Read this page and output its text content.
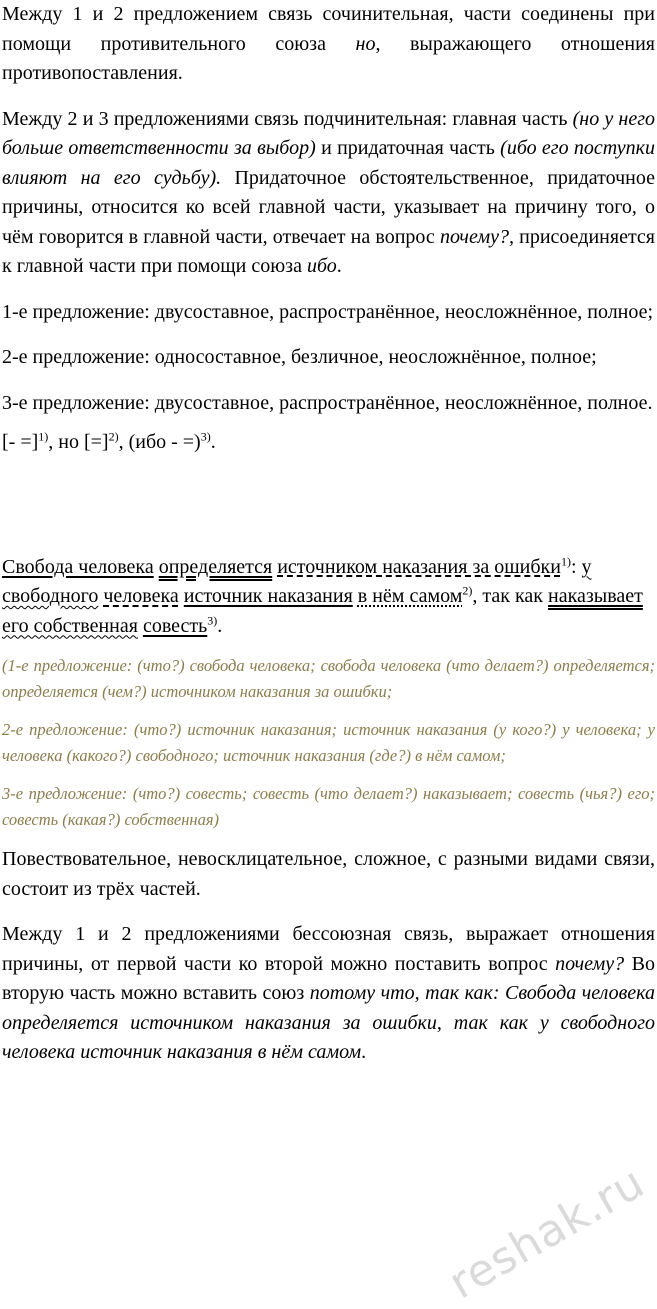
Между 1 и 2 предложением связь сочинительная, части соединены при помощи противительного союза но, выражающего отношения противопоставления.

Между 2 и 3 предложениями связь подчинительная: главная часть (но у него больше ответственности за выбор) и придаточная часть (ибо его поступки влияют на его судьбу). Придаточное обстоятельственное, придаточное причины, относится ко всей главной части, указывает на причину того, о чём говорится в главной части, отвечает на вопрос почему?, присоединяется к главной части при помощи союза ибо.

1-е предложение: двусоставное, распространённое, неосложнённое, полное;

2-е предложение: односоставное, безличное, неосложнённое, полное;

3-е предложение: двусоставное, распространённое, неосложнённое, полное.

[- =]$^{1)}$, но [=]$^{2)}$, (ибо - =)$^{3)}$.

Свобода человека определяется источником наказания за ошибки$^{1)}$: у свободного человека источник наказания в нём самом$^{2)}$, так как наказывает его собственная совесть$^{3)}$.

(1-е предложение: (что?) свобода человека; свобода человека (что делает?) определяется; определяется (чем?) источником наказания за ошибки;

2-е предложение: (что?) источник наказания; источник наказания (у кого?) у человека; у человека (какого?) свободного; источник наказания (где?) в нём самом;

3-е предложение: (что?) совесть; совесть (что делает?) наказывает; совесть (чья?) его; совесть (какая?) собственная)

Повествовательное, невосклицательное, сложное, с разными видами связи, состоит из трёх частей.

Между 1 и 2 предложениями бессоюзная связь, выражает отношения причины, от первой части ко второй можно поставить вопрос почему? Во вторую часть можно вставить союз потому что, так как: Свобода человека определяется источником наказания за ошибки, так как у свободного человека источник наказания в нём самом.

reshak.ru
